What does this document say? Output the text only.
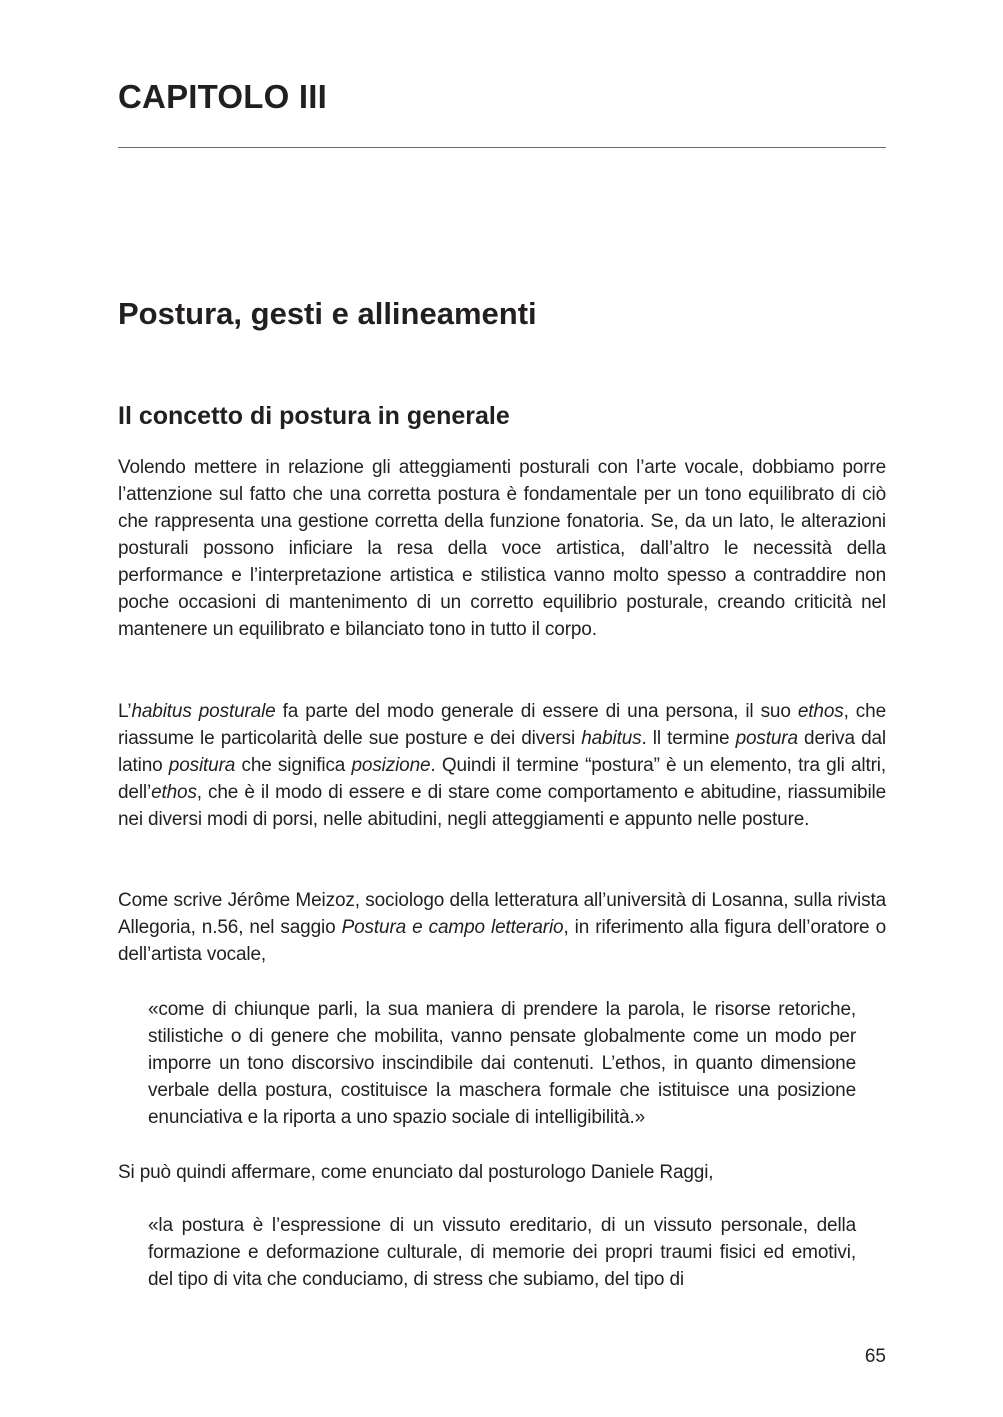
CAPITOLO III
Postura, gesti e allineamenti
Il concetto di postura in generale

Volendo mettere in relazione gli atteggiamenti posturali con l’arte vocale, dobbiamo porre l’attenzione sul fatto che una corretta postura è fondamentale per un tono equilibrato di ciò che rappresenta una gestione corretta della funzione fonatoria. Se, da un lato, le alterazioni posturali possono inficiare la resa della voce artistica, dall’altro le necessità della performance e l’interpretazione artistica e stilistica vanno molto spesso a contraddire non poche occasioni di mantenimento di un corretto equilibrio posturale, creando criticità nel mantenere un equilibrato e bilanciato tono in tutto il corpo.

L’habitus posturale fa parte del modo generale di essere di una persona, il suo ethos, che riassume le particolarità delle sue posture e dei diversi habitus. ll termine postura deriva dal latino positura che significa posizione. Quindi il termine “postura” è un elemento, tra gli altri, dell’ethos, che è il modo di essere e di stare come comportamento e abitudine, riassumibile nei diversi modi di porsi, nelle abitudini, negli atteggiamenti e appunto nelle posture.

Come scrive Jérôme Meizoz, sociologo della letteratura all’università di Losanna, sulla rivista Allegoria, n.56, nel saggio Postura e campo letterario, in riferimento alla figura dell’oratore o dell’artista vocale,

«come di chiunque parli, la sua maniera di prendere la parola, le risorse retoriche, stilistiche o di genere che mobilita, vanno pensate globalmente come un modo per imporre un tono discorsivo inscindibile dai contenuti. L’ethos, in quanto dimensione verbale della postura, costituisce la maschera formale che istituisce una posizione enunciativa e la riporta a uno spazio sociale di intelligibilità.»

Si può quindi affermare, come enunciato dal posturologo Daniele Raggi,

«la postura è l’espressione di un vissuto ereditario, di un vissuto personale, della formazione e deformazione culturale, di memorie dei propri traumi fisici ed emotivi, del tipo di vita che conduciamo, di stress che subiamo, del tipo di

65
